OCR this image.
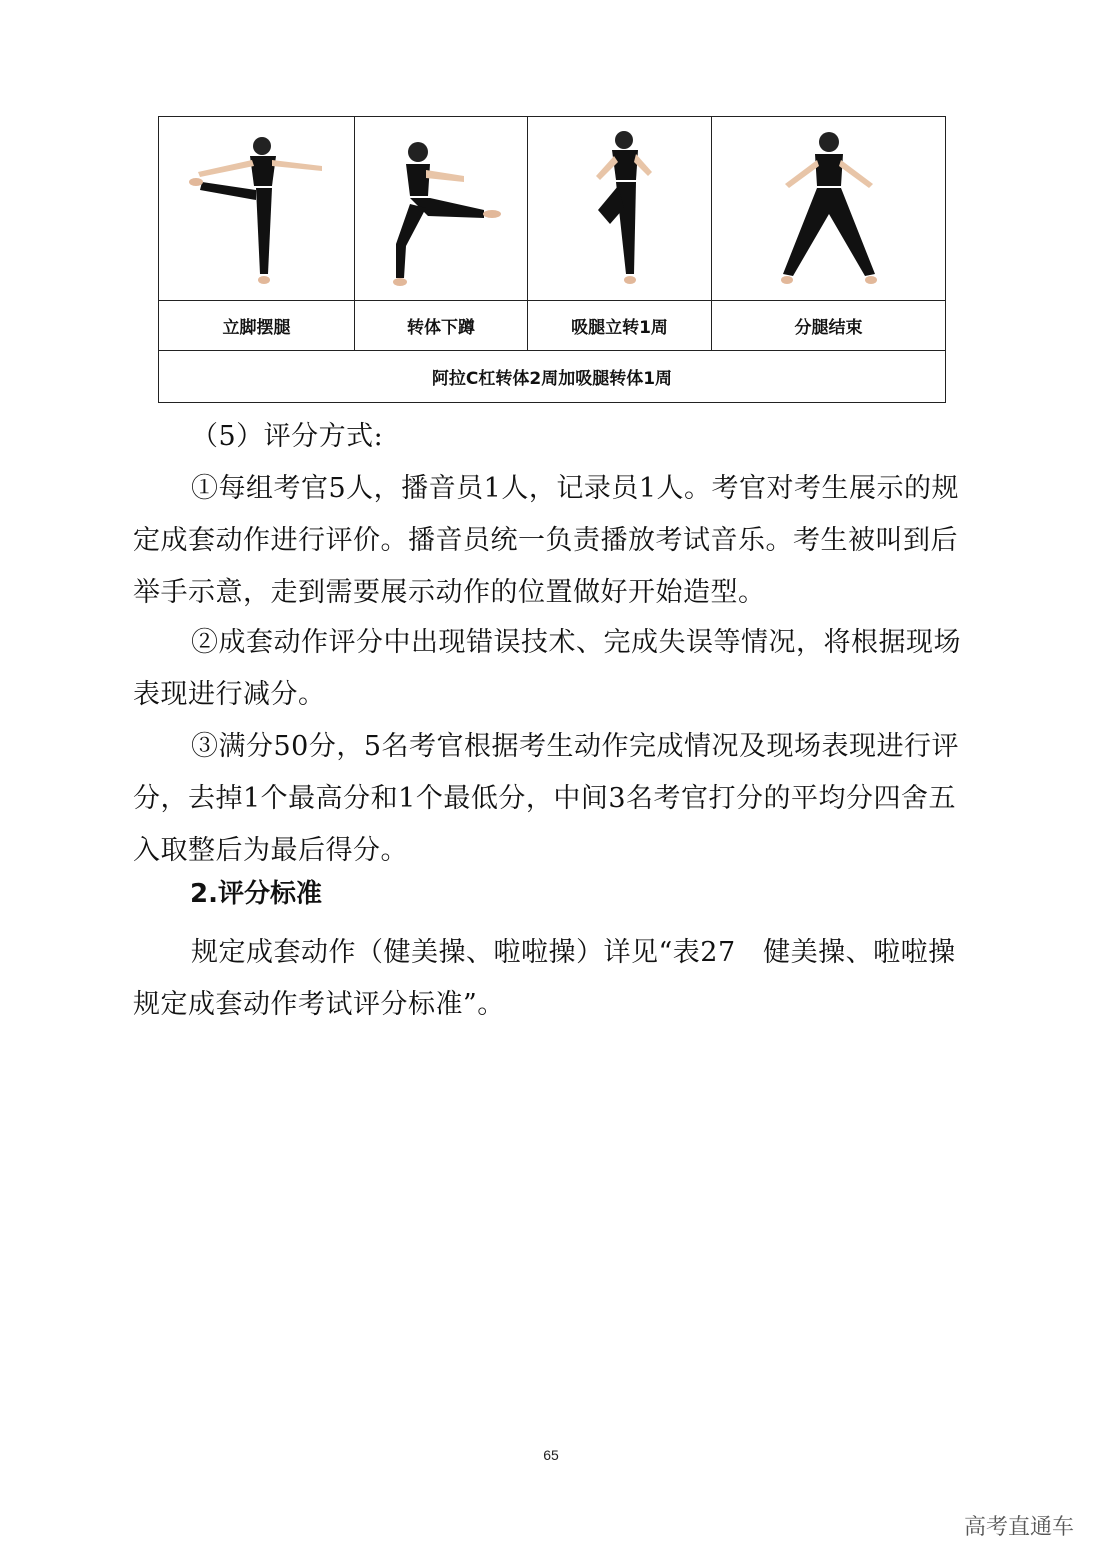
立脚摆腿	转体下蹲	吸腿立转1周	分腿结束
阿拉C杠转体2周加吸腿转体1周			
（5）评分方式:
①每组考官5人，播音员1人，记录员1人。考官对考生展示的规定成套动作进行评价。播音员统一负责播放考试音乐。考生被叫到后举手示意，走到需要展示动作的位置做好开始造型。
②成套动作评分中出现错误技术、完成失误等情况，将根据现场表现进行减分。
③满分50分，5名考官根据考生动作完成情况及现场表现进行评分，去掉1个最高分和1个最低分，中间3名考官打分的平均分四舍五入取整后为最后得分。
2.评分标准
规定成套动作（健美操、啦啦操）详见“表27　健美操、啦啦操规定成套动作考试评分标准”。
65
高考直通车
